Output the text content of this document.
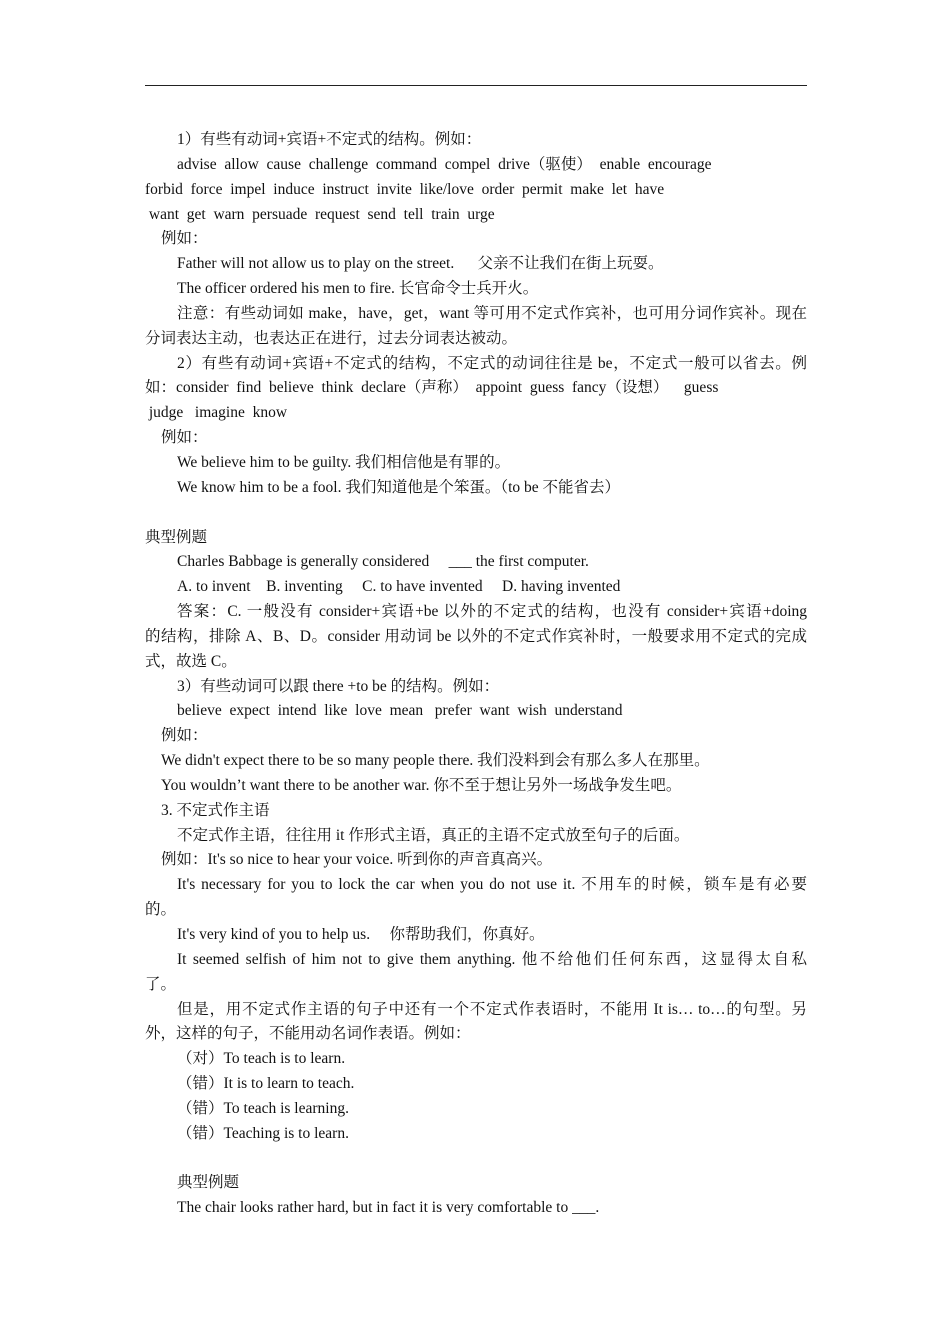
1）有些有动词+宾语+不定式的结构。例如：
advise  allow  cause  challenge  command  compel  drive（驱使）  enable  encourage
forbid  force  impel  induce  instruct  invite  like/love  order  permit  make  let  have
want  get  warn  persuade  request  send  tell  train  urge
例如：
Father will not allow us to play on the street.      父亲不让我们在街上玩耍。
The officer ordered his men to fire. 长官命令士兵开火。
注意：有些动词如 make，have，get，want 等可用不定式作宾补，也可用分词作宾补。现在
分词表达主动，也表达正在进行，过去分词表达被动。
2）有些有动词+宾语+不定式的结构，不定式的动词往往是 be，不定式一般可以省去。例
如：consider  find  believe  think  declare（声称）  appoint  guess  fancy（设想）    guess
judge   imagine  know
例如：
We believe him to be guilty. 我们相信他是有罪的。
We know him to be a fool. 我们知道他是个笨蛋。（to be 不能省去）
典型例题
Charles Babbage is generally considered     ___ the first computer.
A. to invent    B. inventing     C. to have invented     D. having invented
答案：C. 一般没有 consider+宾语+be 以外的不定式的结构，也没有 consider+宾语+doing
的结构，排除 A、B、D。consider 用动词 be 以外的不定式作宾补时，一般要求用不定式的完成
式，故选 C。
3）有些动词可以跟 there +to be 的结构。例如：
believe  expect  intend  like  love  mean   prefer  want  wish  understand
例如：
We didn't expect there to be so many people there. 我们没料到会有那么多人在那里。
You wouldn’t want there to be another war. 你不至于想让另外一场战争发生吧。
3. 不定式作主语
不定式作主语，往往用 it 作形式主语，真正的主语不定式放至句子的后面。
例如：It's so nice to hear your voice. 听到你的声音真高兴。
It's necessary for you to lock the car when you do not use it. 不用车的时候，锁车是有必要
的。
It's very kind of you to help us.     你帮助我们，你真好。
It seemed selfish of him not to give them anything. 他不给他们任何东西，这显得太自私
了。
但是，用不定式作主语的句子中还有一个不定式作表语时，不能用 It is… to…的句型。另
外，这样的句子，不能用动名词作表语。例如：
（对）To teach is to learn.
（错）It is to learn to teach.
（错）To teach is learning.
（错）Teaching is to learn.
典型例题
The chair looks rather hard, but in fact it is very comfortable to ___.
